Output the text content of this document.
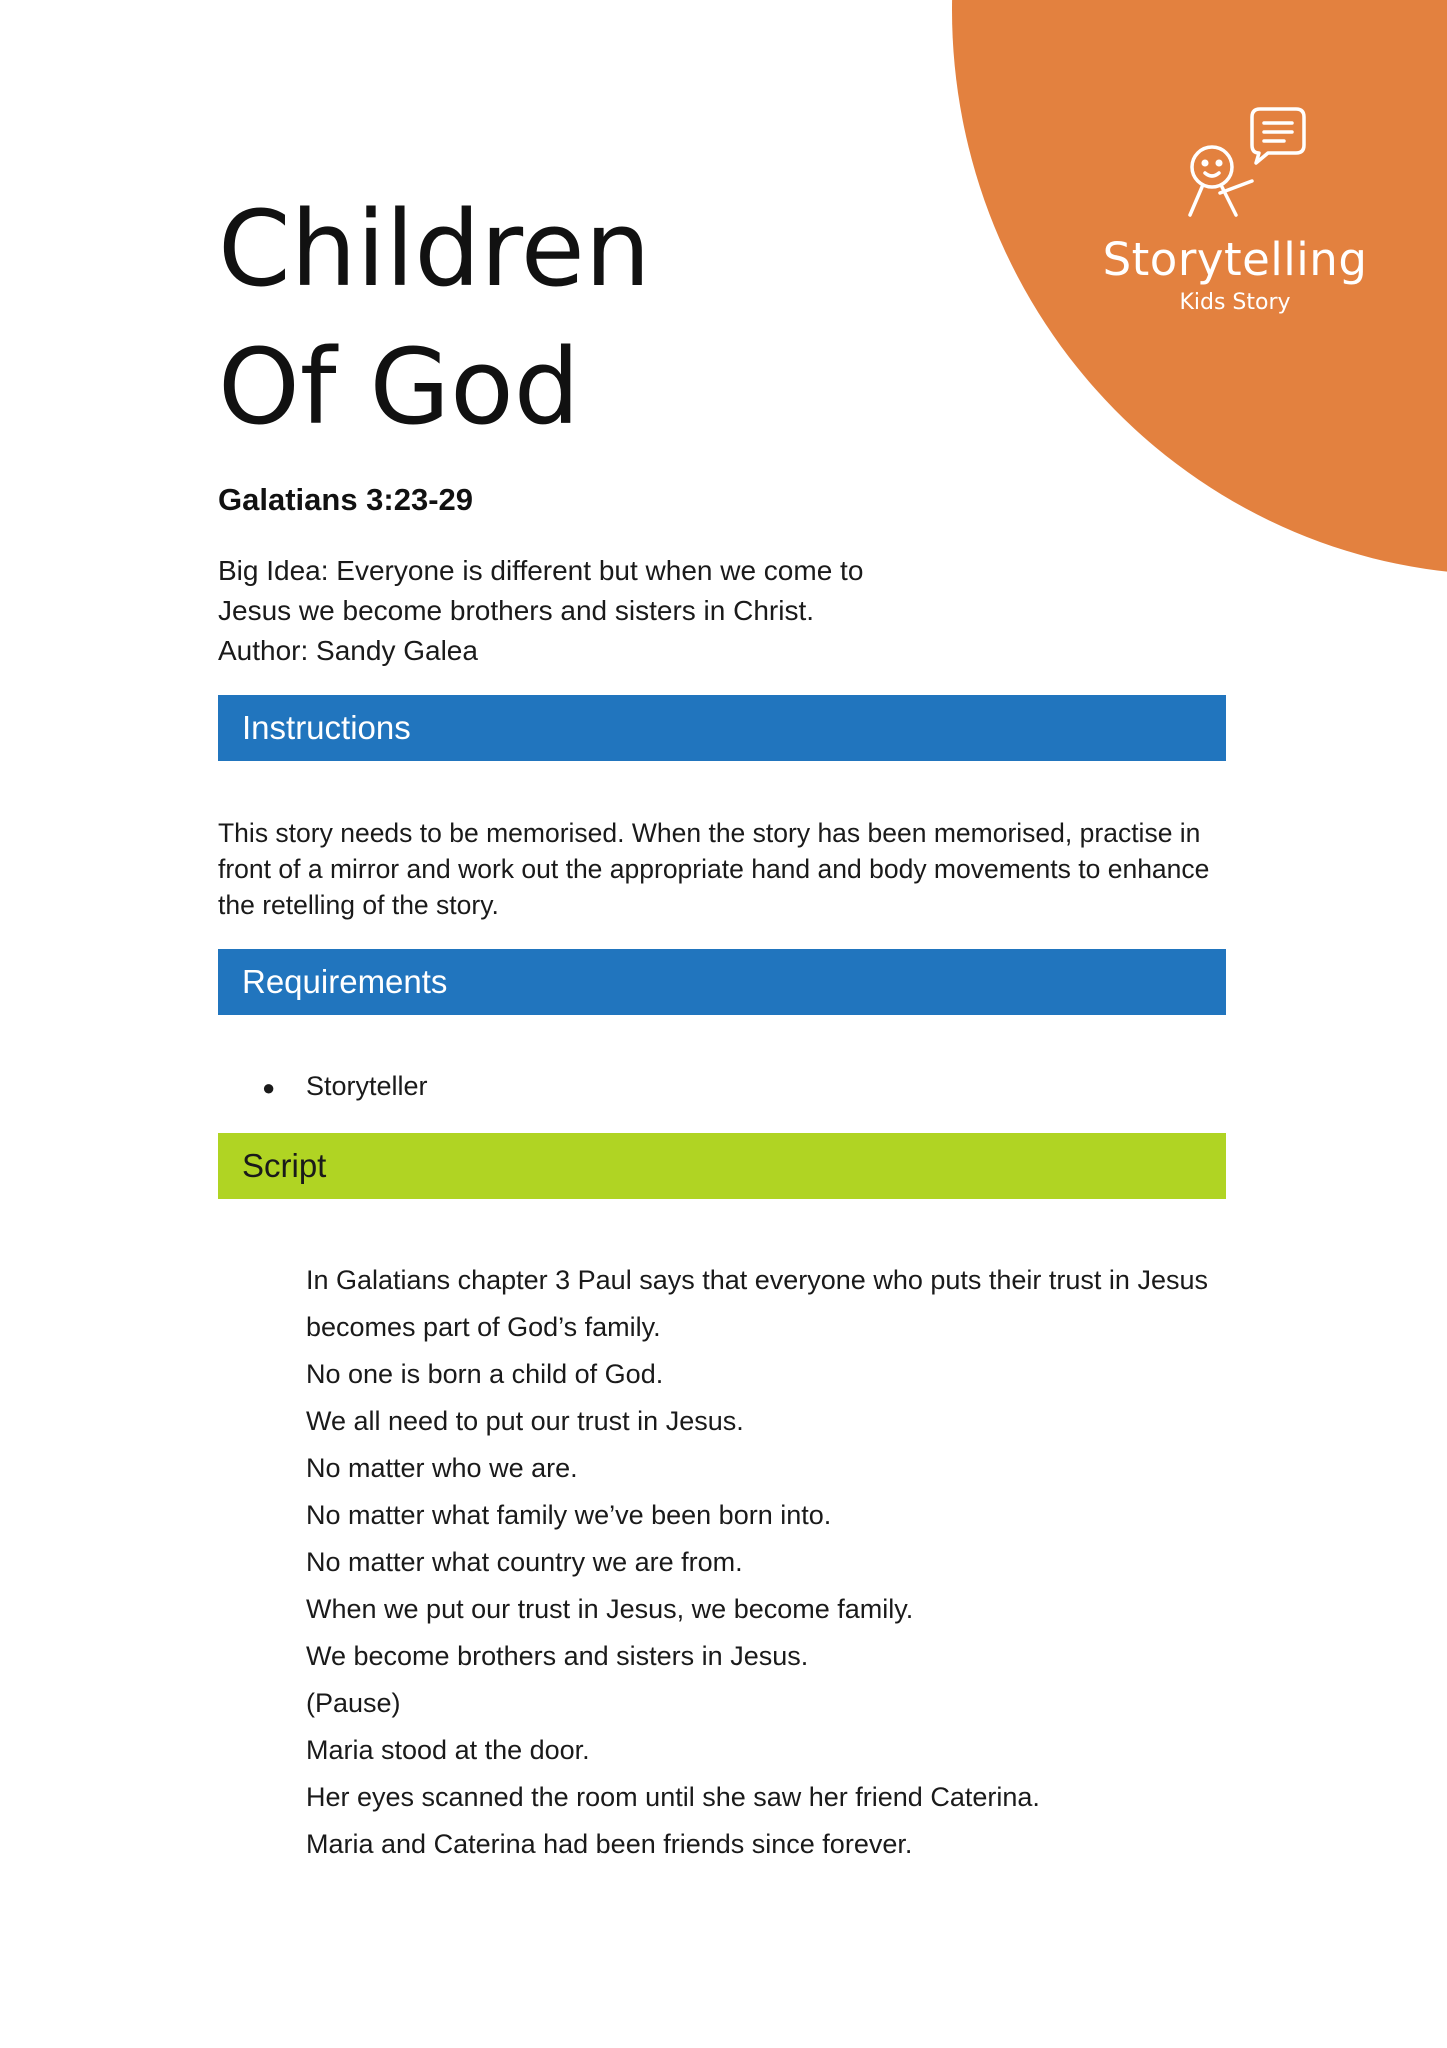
Storytelling
Kids Story
Children
Of God
Galatians 3:23-29
Big Idea: Everyone is different but when we come to
Jesus we become brothers and sisters in Christ.
Author: Sandy Galea
Instructions
This story needs to be memorised. When the story has been memorised, practise in front of a mirror and work out the appropriate hand and body movements to enhance the retelling of the story.
Requirements
● Storyteller
Script
In Galatians chapter 3 Paul says that everyone who puts their trust in Jesus
becomes part of God’s family.
No one is born a child of God.
We all need to put our trust in Jesus.
No matter who we are.
No matter what family we’ve been born into.
No matter what country we are from.
When we put our trust in Jesus, we become family.
We become brothers and sisters in Jesus.
(Pause)
Maria stood at the door.
Her eyes scanned the room until she saw her friend Caterina.
Maria and Caterina had been friends since forever.
